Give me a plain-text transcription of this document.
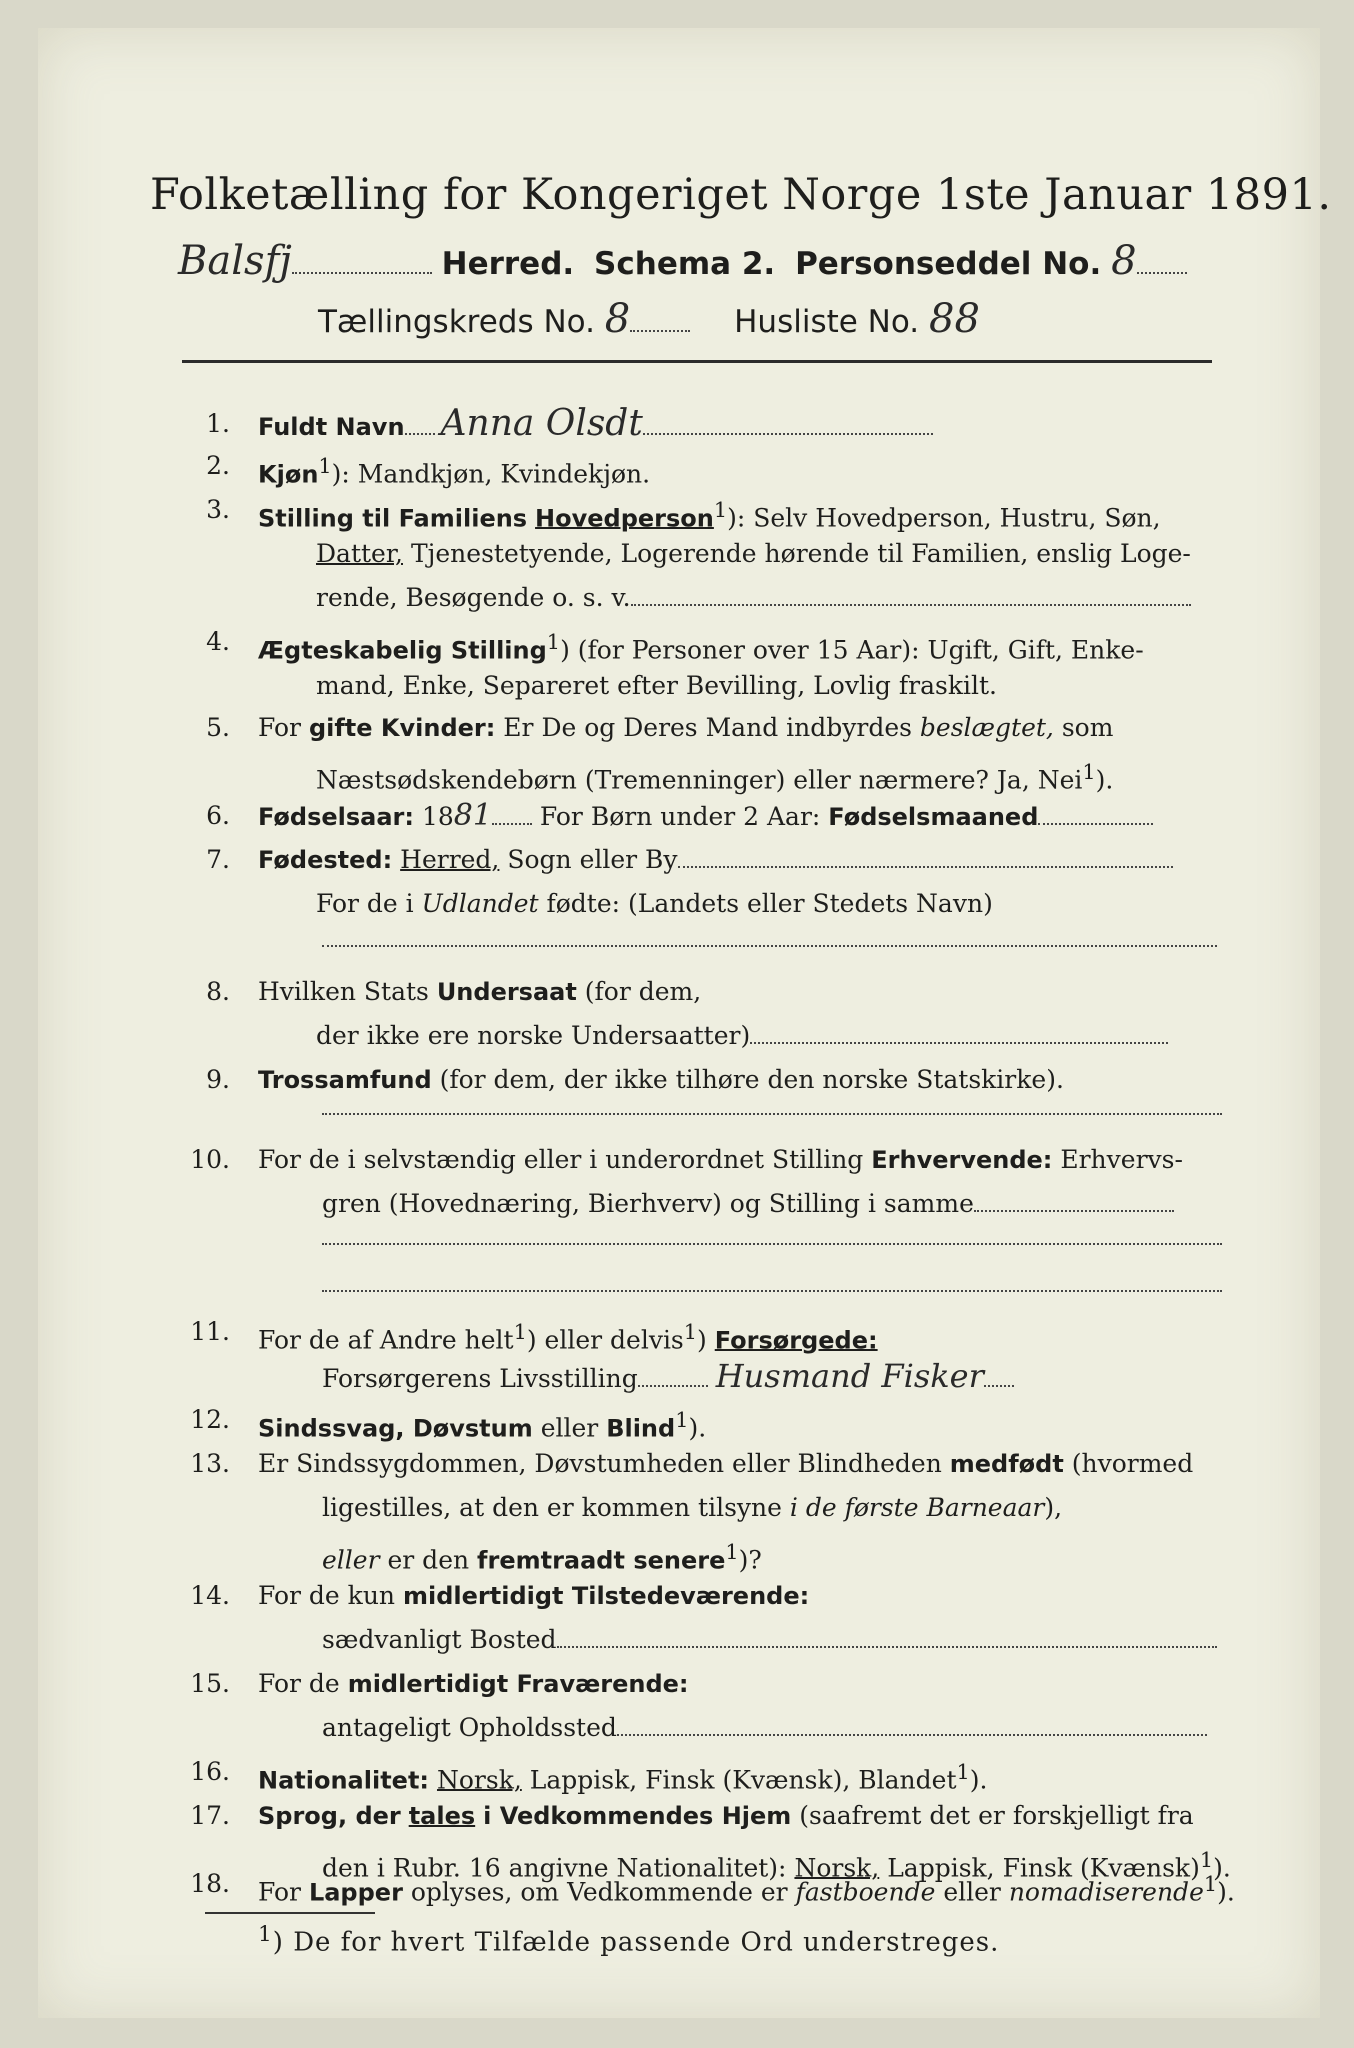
Folketælling for Kongeriget Norge 1ste Januar 1891.
Balsfj	Herred. Schema 2. Personseddel No. 8
Tællingskreds No. 8	Husliste No. 88
1. Fuldt Navn Anna Olsdt
2. Kjøn$^1$): Mandkjøn, Kvindekjøn.
3. Stilling til Familiens Hovedperson$^1$): Selv Hovedperson, Hustru, Søn,
Datter, Tjenestetyende, Logerende hørende til Familien, enslig Loge-
rende, Besøgende o. s. v.
4. Ægteskabelig Stilling$^1$) (for Personer over 15 Aar): Ugift, Gift, Enke-
mand, Enke, Separeret efter Bevilling, Lovlig fraskilt.
5. For gifte Kvinder: Er De og Deres Mand indbyrdes beslægtet, som
Næstsødskendebørn (Tremenninger) eller nærmere? Ja, Nei$^1$).
6. Fødselsaar: 1881 For Børn under 2 Aar: Fødselsmaaned
7. Fødested: Herred, Sogn eller By
For de i Udlandet fødte: (Landets eller Stedets Navn)
8. Hvilken Stats Undersaat (for dem,
der ikke ere norske Undersaatter)
9. Trossamfund (for dem, der ikke tilhøre den norske Statskirke).
10. For de i selvstændig eller i underordnet Stilling Erhvervende: Erhvervs-
gren (Hovednæring, Bierhverv) og Stilling i samme
11. For de af Andre helt$^1$) eller delvis$^1$) Forsørgede:
Forsørgerens Livsstilling Husmand Fisker
12. Sindssvag, Døvstum eller Blind$^1$).
13. Er Sindssygdommen, Døvstumheden eller Blindheden medfødt (hvormed
ligestilles, at den er kommen tilsyne i de første Barneaar),
eller er den fremtraadt senere$^1$)?
14. For de kun midlertidigt Tilstedeværende:
sædvanligt Bosted
15. For de midlertidigt Fraværende:
antageligt Opholdssted
16. Nationalitet: Norsk, Lappisk, Finsk (Kvænsk), Blandet$^1$).
17. Sprog, der tales i Vedkommendes Hjem (saafremt det er forskjelligt fra
den i Rubr. 16 angivne Nationalitet): Norsk, Lappisk, Finsk (Kvænsk)$^1$).
18. For Lapper oplyses, om Vedkommende er fastboende eller nomadiserende$^1$).
$^1$) De for hvert Tilfælde passende Ord understreges.
